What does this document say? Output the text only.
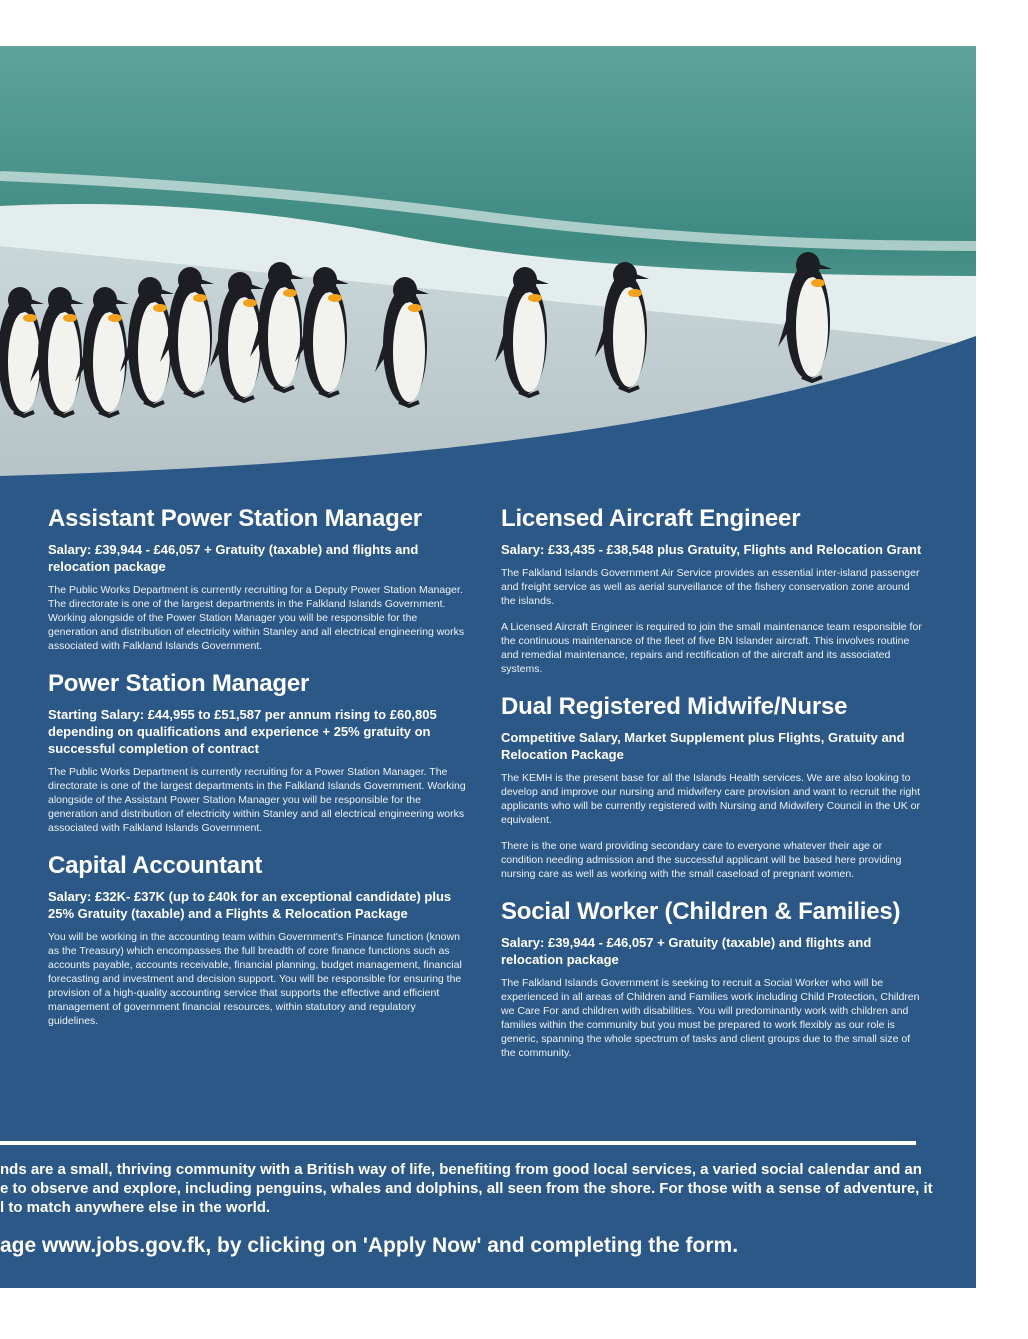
Assistant Power Station Manager
Salary: £39,944 - £46,057 + Gratuity (taxable) and flights and relocation package

The Public Works Department is currently recruiting for a Deputy Power Station Manager. The directorate is one of the largest departments in the Falkland Islands Government. Working alongside of the Power Station Manager you will be responsible for the generation and distribution of electricity within Stanley and all electrical engineering works associated with Falkland Islands Government.

Power Station Manager
Starting Salary: £44,955 to £51,587 per annum rising to £60,805 depending on qualifications and experience + 25% gratuity on successful completion of contract

The Public Works Department is currently recruiting for a Power Station Manager. The directorate is one of the largest departments in the Falkland Islands Government. Working alongside of the Assistant Power Station Manager you will be responsible for the generation and distribution of electricity within Stanley and all electrical engineering works associated with Falkland Islands Government.

Capital Accountant
Salary: £32K- £37K (up to £40k for an exceptional candidate) plus 25% Gratuity (taxable) and a Flights & Relocation Package

You will be working in the accounting team within Government's Finance function (known as the Treasury) which encompasses the full breadth of core finance functions such as accounts payable, accounts receivable, financial planning, budget management, financial forecasting and investment and decision support. You will be responsible for ensuring the provision of a high-quality accounting service that supports the effective and efficient management of government financial resources, within statutory and regulatory guidelines.

Licensed Aircraft Engineer
Salary: £33,435 - £38,548 plus Gratuity, Flights and Relocation Grant

The Falkland Islands Government Air Service provides an essential inter-island passenger and freight service as well as aerial surveillance of the fishery conservation zone around the islands.

A Licensed Aircraft Engineer is required to join the small maintenance team responsible for the continuous maintenance of the fleet of five BN Islander aircraft. This involves routine and remedial maintenance, repairs and rectification of the aircraft and its associated systems.

Dual Registered Midwife/Nurse
Competitive Salary, Market Supplement plus Flights, Gratuity and Relocation Package

The KEMH is the present base for all the Islands Health services. We are also looking to develop and improve our nursing and midwifery care provision and want to recruit the right applicants who will be currently registered with Nursing and Midwifery Council in the UK or equivalent.

There is the one ward providing secondary care to everyone whatever their age or condition needing admission and the successful applicant will be based here providing nursing care as well as working with the small caseload of pregnant women.

Social Worker (Children & Families)
Salary: £39,944 - £46,057 + Gratuity (taxable) and flights and relocation package

The Falkland Islands Government is seeking to recruit a Social Worker who will be experienced in all areas of Children and Families work including Child Protection, Children we Care For and children with disabilities. You will predominantly work with children and families within the community but you must be prepared to work flexibly as our role is generic, spanning the whole spectrum of tasks and client groups due to the small size of the community.

nds are a small, thriving community with a British way of life, benefiting from good local services, a varied social calendar and an
e to observe and explore, including penguins, whales and dolphins, all seen from the shore. For those with a sense of adventure, it
l to match anywhere else in the world.
age www.jobs.gov.fk, by clicking on 'Apply Now' and completing the form.
